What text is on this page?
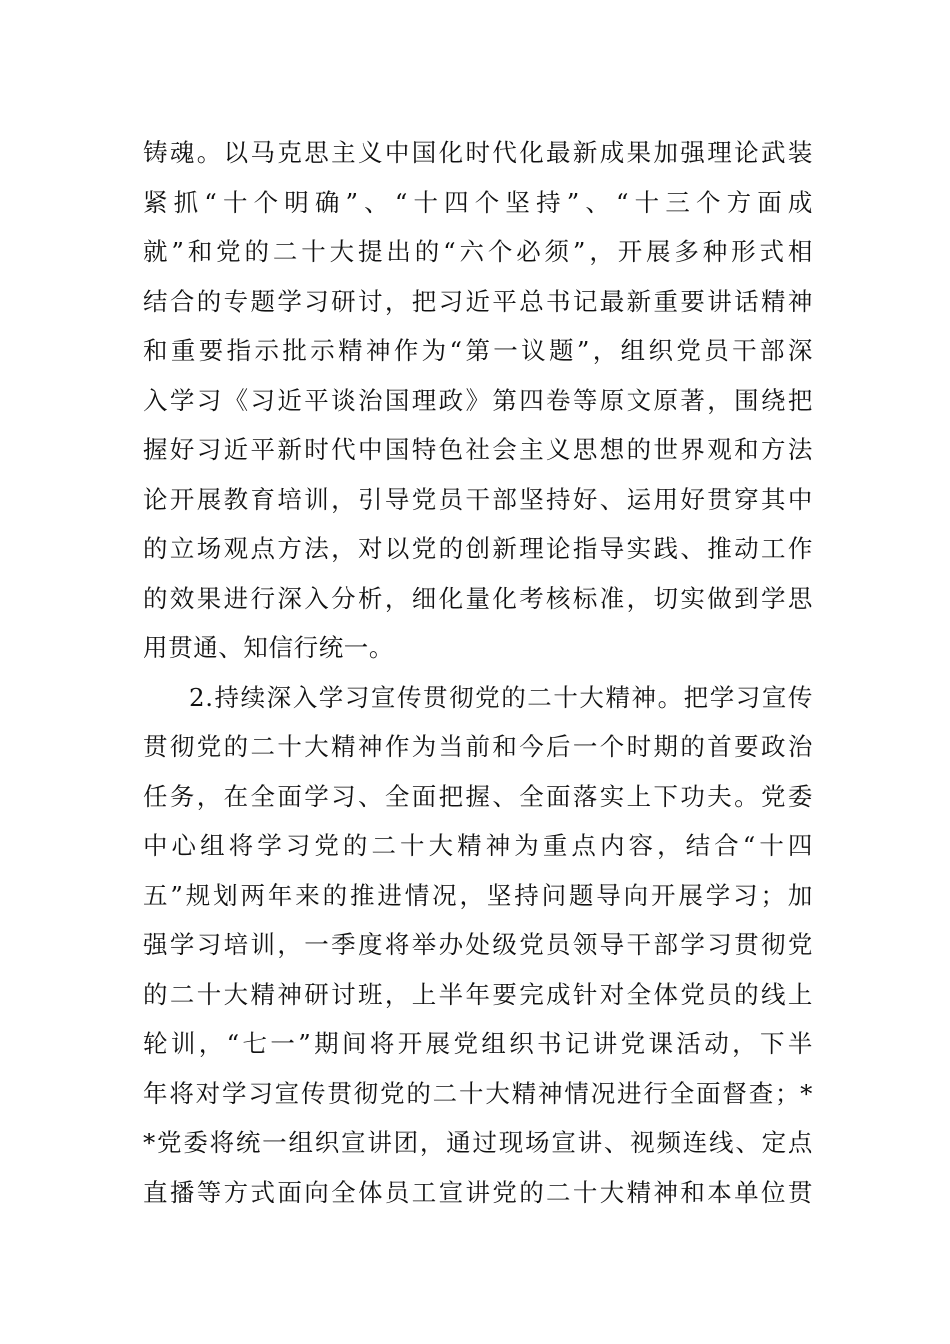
铸魂。以马克思主义中国化时代化最新成果加强理论武装
紧抓“十个明确”、“十四个坚持”、“十三个方面成
就”和党的二十大提出的“六个必须”，开展多种形式相
结合的专题学习研讨，把习近平总书记最新重要讲话精神
和重要指示批示精神作为“第一议题”，组织党员干部深
入学习《习近平谈治国理政》第四卷等原文原著，围绕把
握好习近平新时代中国特色社会主义思想的世界观和方法
论开展教育培训，引导党员干部坚持好、运用好贯穿其中
的立场观点方法，对以党的创新理论指导实践、推动工作
的效果进行深入分析，细化量化考核标准，切实做到学思
用贯通、知信行统一。
2.持续深入学习宣传贯彻党的二十大精神。把学习宣传
贯彻党的二十大精神作为当前和今后一个时期的首要政治
任务，在全面学习、全面把握、全面落实上下功夫。党委
中心组将学习党的二十大精神为重点内容，结合“十四
五”规划两年来的推进情况，坚持问题导向开展学习；加
强学习培训，一季度将举办处级党员领导干部学习贯彻党
的二十大精神研讨班，上半年要完成针对全体党员的线上
轮训，“七一”期间将开展党组织书记讲党课活动，下半
年将对学习宣传贯彻党的二十大精神情况进行全面督查；*
*党委将统一组织宣讲团，通过现场宣讲、视频连线、定点
直播等方式面向全体员工宣讲党的二十大精神和本单位贯
